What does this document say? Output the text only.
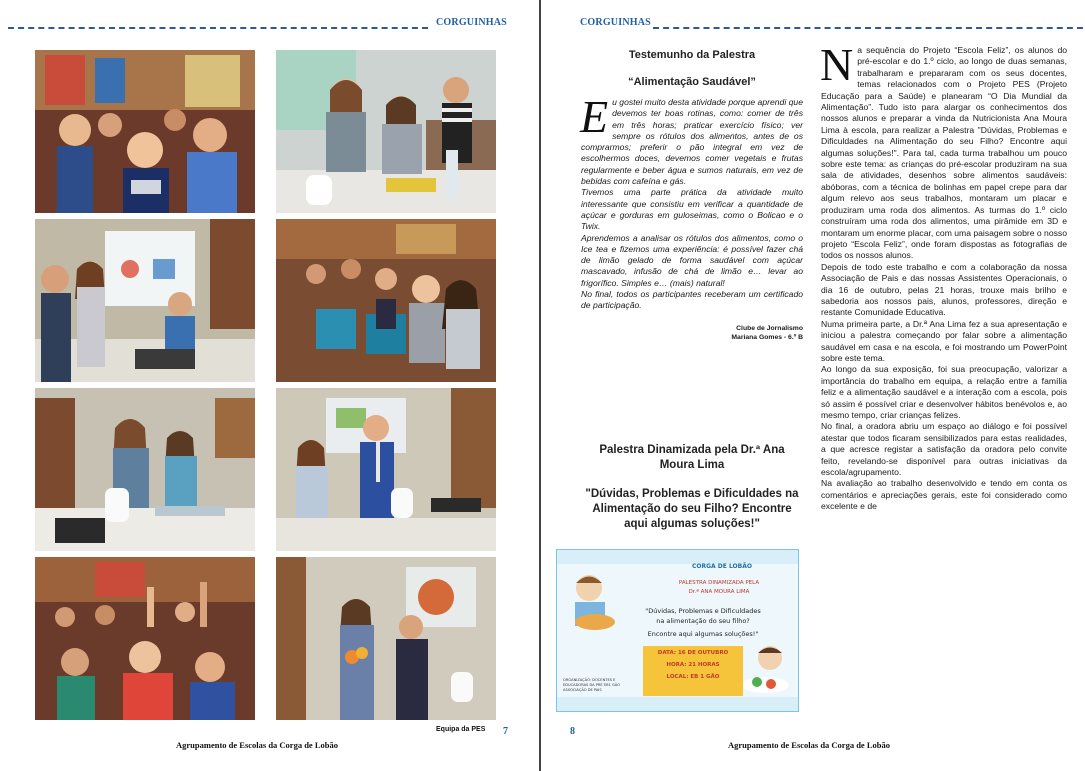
CORGUINHAS
Equipa da PES 7
Agrupamento de Escolas da Corga de Lobão
CORGUINHAS
Testemunho da Palestra
“Alimentação Saudável”

Eu gostei muito desta atividade porque aprendi que devemos ter boas rotinas, como: comer de três em três horas; praticar exercício físico; ver sempre os rótulos dos alimentos, antes de os comprarmos; preferir o pão integral em vez de escolhermos doces, devemos comer vegetais e frutas regularmente e beber água e sumos naturais, em vez de bebidas com cafeína e gás.

Tivemos uma parte prática da atividade muito interessante que consistiu em verificar a quantidade de açúcar e gorduras em guloseimas, como o Bolicao e o Twix.

Aprendemos a analisar os rótulos dos alimentos, como o Ice tea e fizemos uma experiência: é possível fazer chá de limão gelado de forma saudável com açúcar mascavado, infusão de chá de limão e… levar ao frigorífico. Simples e… (mais) natural!

No final, todos os participantes receberam um certificado de participação.

Clube de Jornalismo
Mariana Gomes - 6.º B
Palestra Dinamizada pela Dr.ª Ana Moura Lima
"Dúvidas, Problemas e Dificuldades na Alimentação do seu Filho? Encontre aqui algumas soluções!"
CORGA DE LOBÃO
PALESTRA DINAMIZADA PELA
Dr.ª ANA MOURA LIMA
"Dúvidas, Problemas e Dificuldades
na alimentação do seu filho?
Encontre aqui algumas soluções!"
DATA: 16 DE OUTUBRO
HORA: 21 HORAS
LOCAL: EB 1 GÃO
ORGANIZAÇÃO: DOCENTES E EDUCADORAS DA PRÉ EB1 GÃO ASSOCIAÇÃO DE PAIS

Na sequência do Projeto “Escola Feliz”, os alunos do pré-escolar e do 1.º ciclo, ao longo de duas semanas, trabalharam e prepararam com os seus docentes, temas relacionados com o Projeto PES (Projeto Educação para a Saúde) e planearam “O Dia Mundial da Alimentação”. Tudo isto para alargar os conhecimentos dos nossos alunos e preparar a vinda da Nutricionista Ana Moura Lima à escola, para realizar a Palestra "Dúvidas, Problemas e Dificuldades na Alimentação do seu Filho? Encontre aqui algumas soluções!". Para tal, cada turma trabalhou um pouco sobre este tema: as crianças do pré-escolar produziram na sua sala de atividades, desenhos sobre alimentos saudáveis: abóboras, com a técnica de bolinhas em papel crepe para dar algum relevo aos seus trabalhos, montaram um placar e produziram uma roda dos alimentos. As turmas do 1.º ciclo construíram uma roda dos alimentos, uma pirâmide em 3D e montaram um enorme placar, com uma paisagem sobre o nosso projeto “Escola Feliz”, onde foram dispostas as fotografias de todos os nossos alunos.

Depois de todo este trabalho e com a colaboração da nossa Associação de Pais e das nossas Assistentes Operacionais, o dia 16 de outubro, pelas 21 horas, trouxe mais brilho e sabedoria aos nossos pais, alunos, professores, direção e restante Comunidade Educativa.

Numa primeira parte, a Dr.ª Ana Lima fez a sua apresentação e iniciou a palestra começando por falar sobre a alimentação saudável em casa e na escola, e foi mostrando um PowerPoint sobre este tema.

Ao longo da sua exposição, foi sua preocupação, valorizar a importância do trabalho em equipa, a relação entre a família feliz e a alimentação saudável e a interação com a escola, pois só assim é possível criar e desenvolver hábitos benévolos e, ao mesmo tempo, criar crianças felizes.

No final, a oradora abriu um espaço ao diálogo e foi possível atestar que todos ficaram sensibilizados para estas realidades, a que acresce registar a satisfação da oradora pelo convite feito, revelando-se disponível para outras iniciativas da escola/agrupamento.

Na avaliação ao trabalho desenvolvido e tendo em conta os comentários e apreciações gerais, este foi considerado como excelente e de

8
Agrupamento de Escolas da Corga de Lobão
